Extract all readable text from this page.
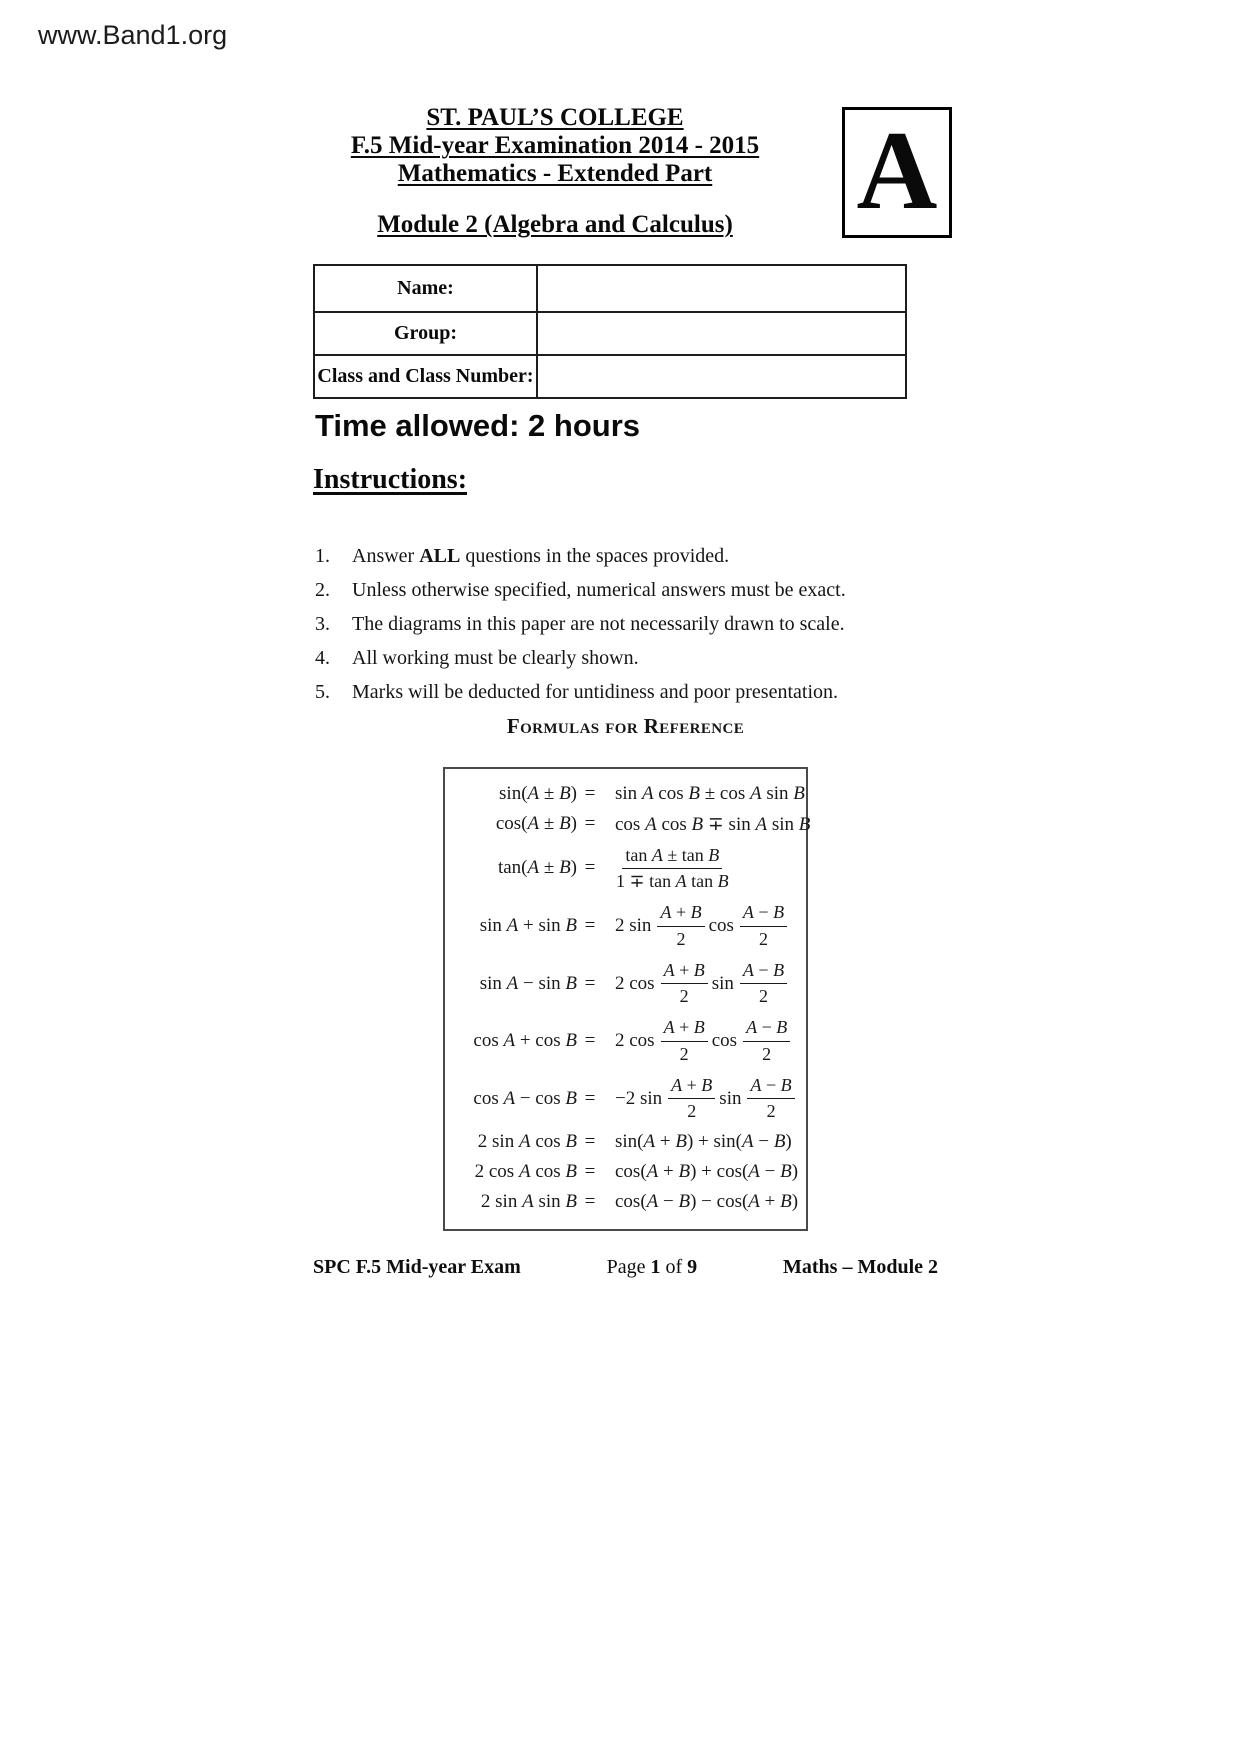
www.Band1.org
ST. PAUL’S COLLEGE
F.5 Mid-year Examination 2014 - 2015
Mathematics - Extended Part
Module 2 (Algebra and Calculus)	A
Name:	
Group:	
Class and Class Number:	
Time allowed: 2 hours
Instructions:
1.	Answer ALL questions in the spaces provided.
2.	Unless otherwise specified, numerical answers must be exact.
3.	The diagrams in this paper are not necessarily drawn to scale.
4.	All working must be clearly shown.
5.	Marks will be deducted for untidiness and poor presentation.
Formulas for Reference
sin(A ± B) =	sin A cos B ± cos A sin B
cos(A ± B) =	cos A cos B ∓ sin A sin B
tan(A ± B) =	$\frac{\text{tan A ± tan B}}{\text{1 ∓ tan A tan B}}$
sin A + sin B =	2 $\sin \frac{A + B}{2}$ $\cos \frac{A - B}{2}$
sin A − sin B =	2 $\cos \frac{A + B}{2}$ $\sin \frac{A - B}{2}$
cos A + cos B =	2 $\cos \frac{A + B}{2}$ $\cos \frac{A - B}{2}$
cos A − cos B =	−2 $\sin \frac{A + B}{2}$ $\sin \frac{A - B}{2}$
2 sin A cos B =	sin(A + B) + sin(A − B)
2 cos A cos B =	cos(A + B) + cos(A − B)
2 sin A sin B =	cos(A − B) − cos(A + B)
SPC F.5 Mid-year Exam	Page 1 of 9	Maths – Module 2
